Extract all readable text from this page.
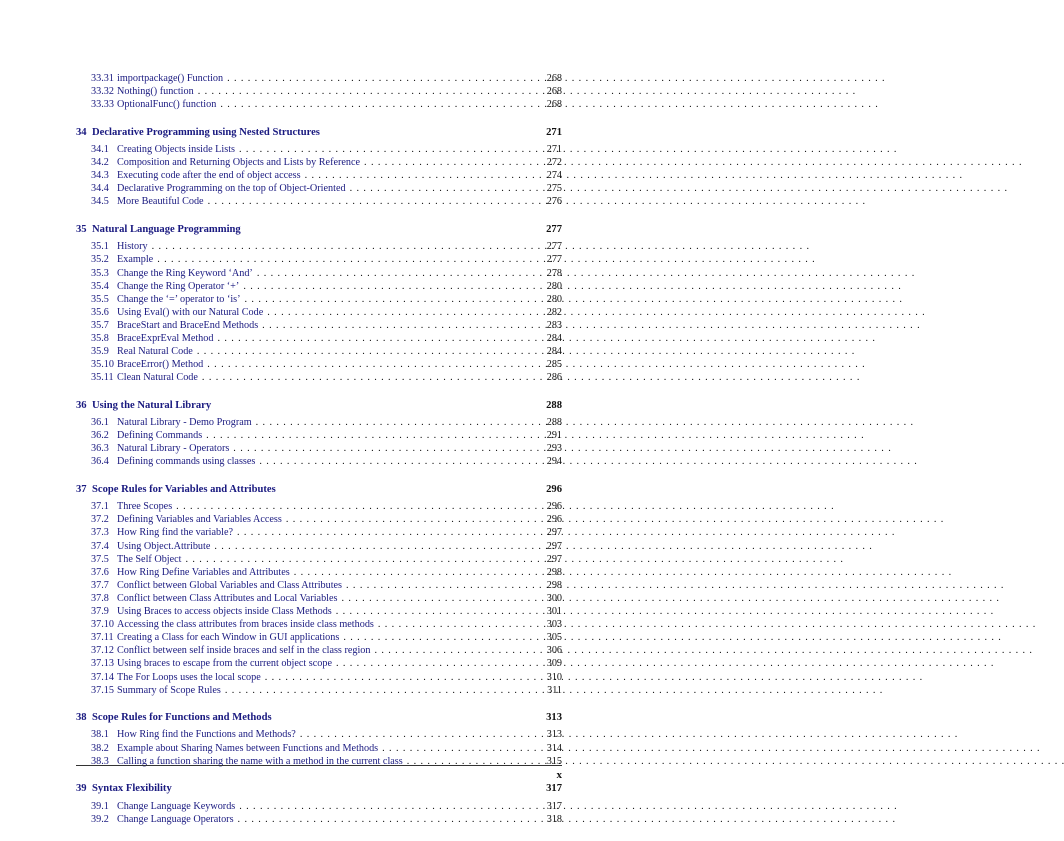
33.31 importpackage() Function . . .	268
33.32 Nothing() function . . .	268
33.33 OptionalFunc() function . . .	268
34 Declarative Programming using Nested Structures	271
34.1 Creating Objects inside Lists . . .	271
34.2 Composition and Returning Objects and Lists by Reference . . .	272
34.3 Executing code after the end of object access . . .	274
34.4 Declarative Programming on the top of Object-Oriented . . .	275
34.5 More Beautiful Code . . .	276
35 Natural Language Programming	277
35.1 History . . .	277
35.2 Example . . .	277
35.3 Change the Ring Keyword ‘And’ . . .	278
35.4 Change the Ring Operator ‘+’ . . .	280
35.5 Change the ‘=’ operator to ‘is’ . . .	280
35.6 Using Eval() with our Natural Code . . .	282
35.7 BraceStart and BraceEnd Methods . . .	283
35.8 BraceExprEval Method . . .	284
35.9 Real Natural Code . . .	284
35.10 BraceError() Method . . .	285
35.11 Clean Natural Code . . .	286
36 Using the Natural Library	288
36.1 Natural Library - Demo Program . . .	288
36.2 Defining Commands . . .	291
36.3 Natural Library - Operators . . .	293
36.4 Defining commands using classes . . .	294
37 Scope Rules for Variables and Attributes	296
37.1 Three Scopes . . .	296
37.2 Defining Variables and Variables Access . . .	296
37.3 How Ring find the variable? . . .	297
37.4 Using Object.Attribute . . .	297
37.5 The Self Object . . .	297
37.6 How Ring Define Variables and Attributes . . .	298
37.7 Conflict between Global Variables and Class Attributes . . .	298
37.8 Conflict between Class Attributes and Local Variables . . .	300
37.9 Using Braces to access objects inside Class Methods . . .	301
37.10 Accessing the class attributes from braces inside class methods . . .	303
37.11 Creating a Class for each Window in GUI applications . . .	305
37.12 Conflict between self inside braces and self in the class region . . .	306
37.13 Using braces to escape from the current object scope . . .	309
37.14 The For Loops uses the local scope . . .	310
37.15 Summary of Scope Rules . . .	311
38 Scope Rules for Functions and Methods	313
38.1 How Ring find the Functions and Methods? . . .	313
38.2 Example about Sharing Names between Functions and Methods . . .	314
38.3 Calling a function sharing the name with a method in the current class . . .	315
39 Syntax Flexibility	317
39.1 Change Language Keywords . . .	317
39.2 Change Language Operators . . .	318
x
